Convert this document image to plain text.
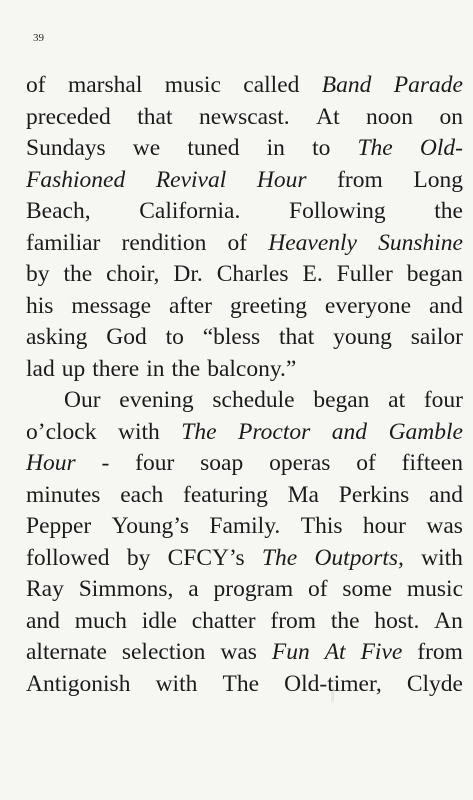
39
of marshal music called Band Parade
preceded that newscast. At noon on
Sundays we tuned in to The Old-
Fashioned Revival Hour from Long
Beach, California. Following the
familiar rendition of Heavenly Sunshine
by the choir, Dr. Charles E. Fuller began
his message after greeting everyone and
asking God to “bless that young sailor
lad up there in the balcony.”
Our evening schedule began at four
o’clock with The Proctor and Gamble
Hour - four soap operas of fifteen
minutes each featuring Ma Perkins and
Pepper Young’s Family. This hour was
followed by CFCY’s The Outports, with
Ray Simmons, a program of some music
and much idle chatter from the host. An
alternate selection was Fun At Five from
Antigonish with The Old-timer, Clyde
